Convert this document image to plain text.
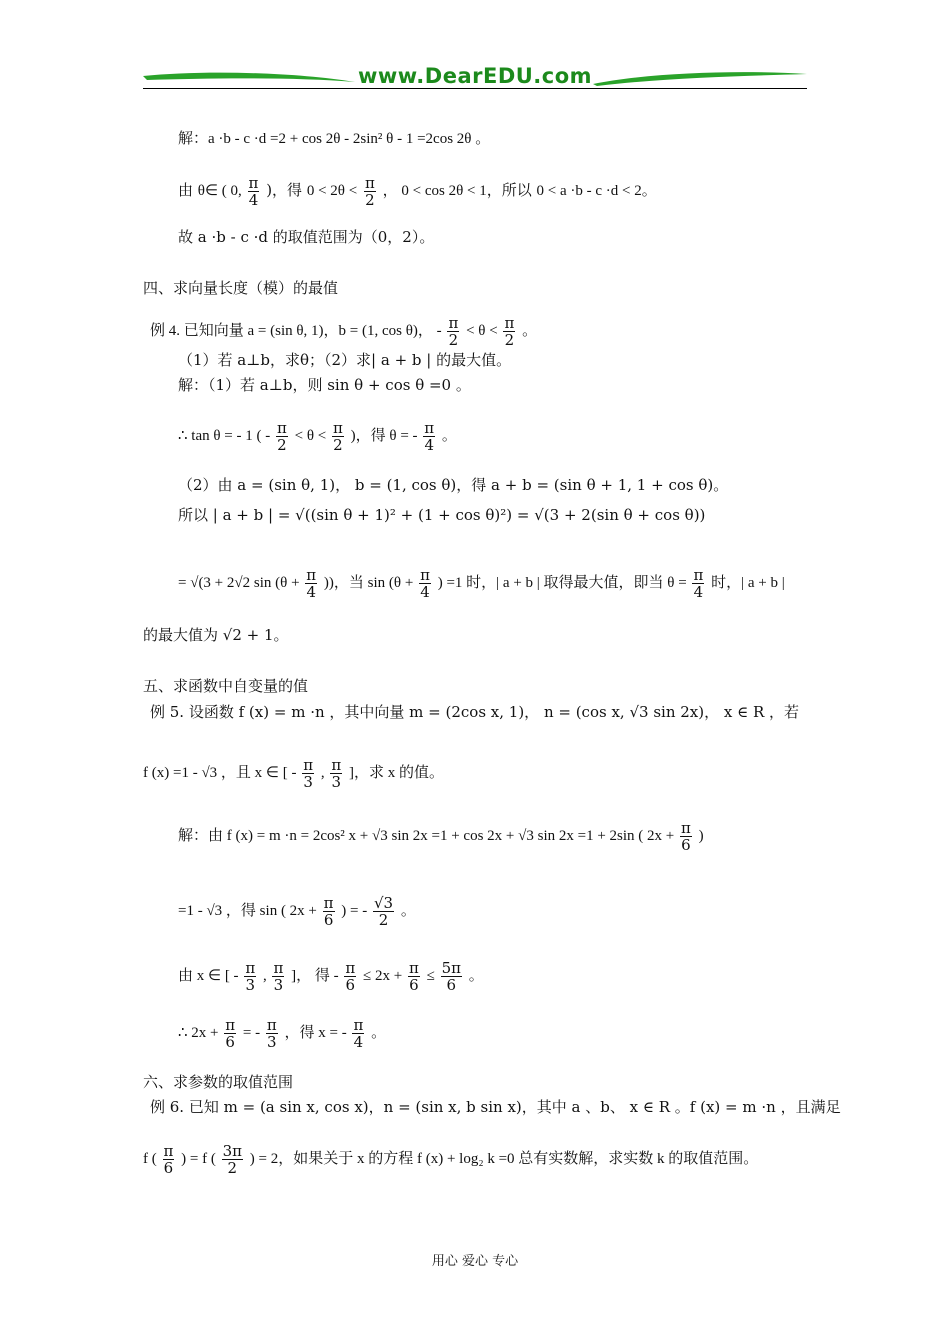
www.DearEDU.com
解：a ·b - c ·d =2 + cos 2θ - 2sin² θ - 1 =2cos 2θ 。
由 θ∈ ( 0, $\frac{\pi}{4}$ )，得 $0 < 2\theta < \frac{\pi}{2}$ ， 0 < cos 2θ < 1，所以 0 < a ·b - c ·d < 2。
故 a ·b - c ·d 的取值范围为（0，2）。
四、求向量长度（模）的最值
例 4. 已知向量 a = (sin θ, 1)，b = (1, cos θ)， - $\frac{\pi}{2} < \theta < \frac{\pi}{2}$ 。
（1）若 a⊥b，求θ；（2）求| a + b | 的最大值。
解：（1）若 a⊥b，则 sin θ + cos θ =0 。
∴ tan θ = - 1 ( - $\frac{\pi}{2} < \theta < \frac{\pi}{2}$ )，得 θ = - $\frac{\pi}{4}$ 。
（2）由 a = (sin θ, 1)， b = (1, cos θ)，得 a + b = (sin θ + 1, 1 + cos θ)。
所以 | a + b | = √((sin θ + 1)² + (1 + cos θ)²) = √(3 + 2(sin θ + cos θ))
= √(3 + 2√2 $\sin (\theta + \frac{\pi}{4}$ ))，当 $\sin (\theta + \frac{\pi}{4}$ ) =1 时，| a + b | 取得最大值，即当 $\theta = \frac{\pi}{4}$ 时，| a + b |
的最大值为 √2 + 1。
五、求函数中自变量的值
例 5. 设函数 f (x) = m ·n ，其中向量 m = (2cos x, 1)， n = (cos x, √3 sin 2x)， x ∈ R ，若
f (x) =1 - √3 ，且 x ∈ [ - $\frac{\pi}{3}$ , $\frac{\pi}{3}$ ]，求 x 的值。
解：由 f (x) = m ·n = 2cos² x + √3 sin 2x =1 + cos 2x + √3 sin 2x =1 + 2sin ( $2x + \frac{\pi}{6}$ )
=1 - √3 ，得 sin ( $2x + \frac{\pi}{6}$ ) = - $\frac{√3}{2}$ 。
由 x ∈ [ - $\frac{\pi}{3}$ , $\frac{\pi}{3}$ ]， 得 - $\frac{\pi}{6} \le 2x + \frac{\pi}{6} \le \frac{5\pi}{6}$ 。
∴ $2x + \frac{\pi}{6}$ = - $\frac{\pi}{3}$ ，得 x = - $\frac{\pi}{4}$ 。
六、求参数的取值范围
例 6. 已知 m = (a sin x, cos x)，n = (sin x, b sin x)，其中 a 、b、 x ∈ R 。f (x) = m ·n ，且满足
f ( $\frac{\pi}{6}$ ) = f ( $\frac{3\pi}{2}$ ) = 2，如果关于 x 的方程 f (x) + log₂ k =0 总有实数解，求实数 k 的取值范围。
用心 爱心 专心
